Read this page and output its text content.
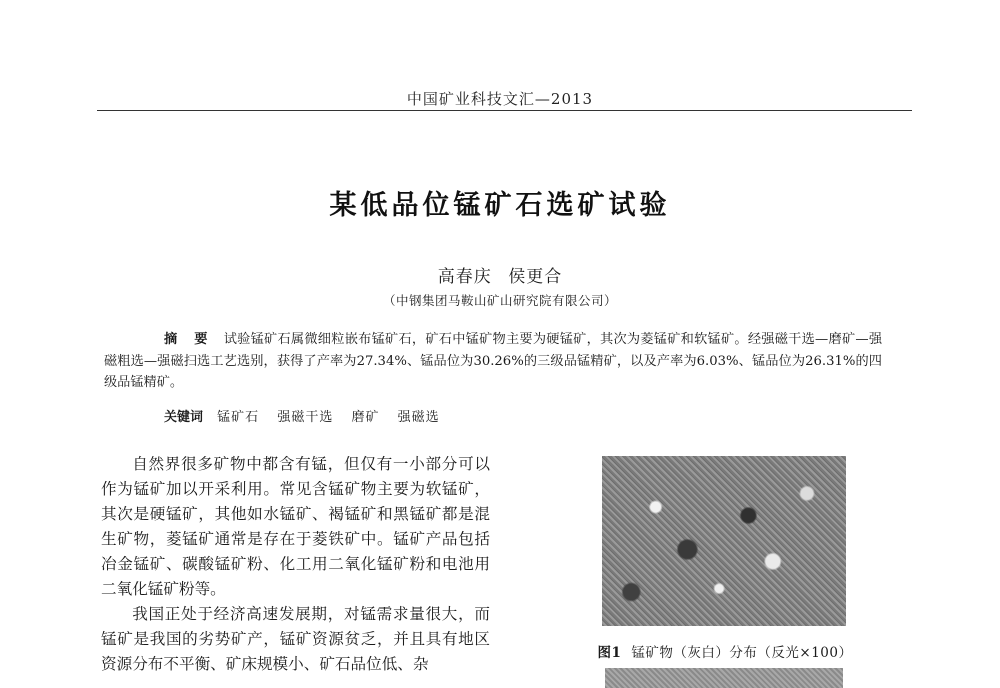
中国矿业科技文汇—2013
某低品位锰矿石选矿试验
高春庆 侯更合
（中钢集团马鞍山矿山研究院有限公司）
摘 要 试验锰矿石属微细粒嵌布锰矿石，矿石中锰矿物主要为硬锰矿，其次为菱锰矿和软锰矿。经强磁干选—磨矿—强磁粗选—强磁扫选工艺选别，获得了产率为27.34%、锰品位为30.26%的三级品锰精矿，以及产率为6.03%、锰品位为26.31%的四级品锰精矿。
关键词 锰矿石 强磁干选 磨矿 强磁选

自然界很多矿物中都含有锰，但仅有一小部分可以作为锰矿加以开采利用。常见含锰矿物主要为软锰矿，其次是硬锰矿，其他如水锰矿、褐锰矿和黑锰矿都是混生矿物，菱锰矿通常是存在于菱铁矿中。锰矿产品包括冶金锰矿、碳酸锰矿粉、化工用二氧化锰矿粉和电池用二氧化锰矿粉等。

我国正处于经济高速发展期，对锰需求量很大，而锰矿是我国的劣势矿产，锰矿资源贫乏，并且具有地区资源分布不平衡、矿床规模小、矿石品位低、杂

图1 锰矿物（灰白）分布（反光×100）
